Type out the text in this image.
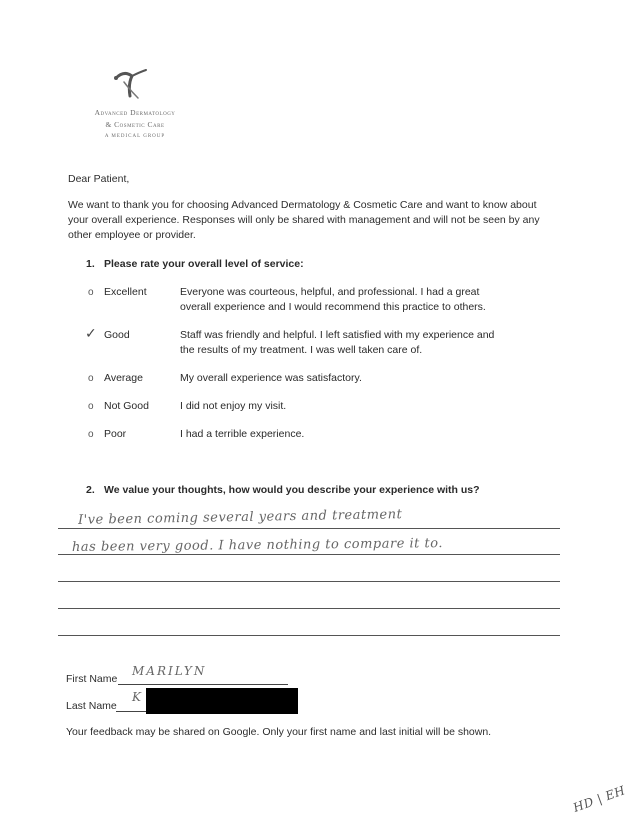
Advanced Dermatology
& Cosmetic Care
A MEDICAL GROUP
Dear Patient,
We want to thank you for choosing Advanced Dermatology & Cosmetic Care and want to know about
your overall experience. Responses will only be shared with management and will not be seen by any
other employee or provider.
1. Please rate your overall level of service:
o Excellent	Everyone was courteous, helpful, and professional. I had a great
overall experience and I would recommend this practice to others.
✓ Good	Staff was friendly and helpful. I left satisfied with my experience and
the results of my treatment. I was well taken care of.
o Average	My overall experience was satisfactory.
o Not Good	I did not enjoy my visit.
o Poor	I had a terrible experience.
2. We value your thoughts, how would you describe your experience with us?
I've been coming several years and treatment
has been very good. I have nothing to compare it to.
First Name
MARILYN
Last Name
K
Your feedback may be shared on Google. Only your first name and last initial will be shown.
HD | EH
